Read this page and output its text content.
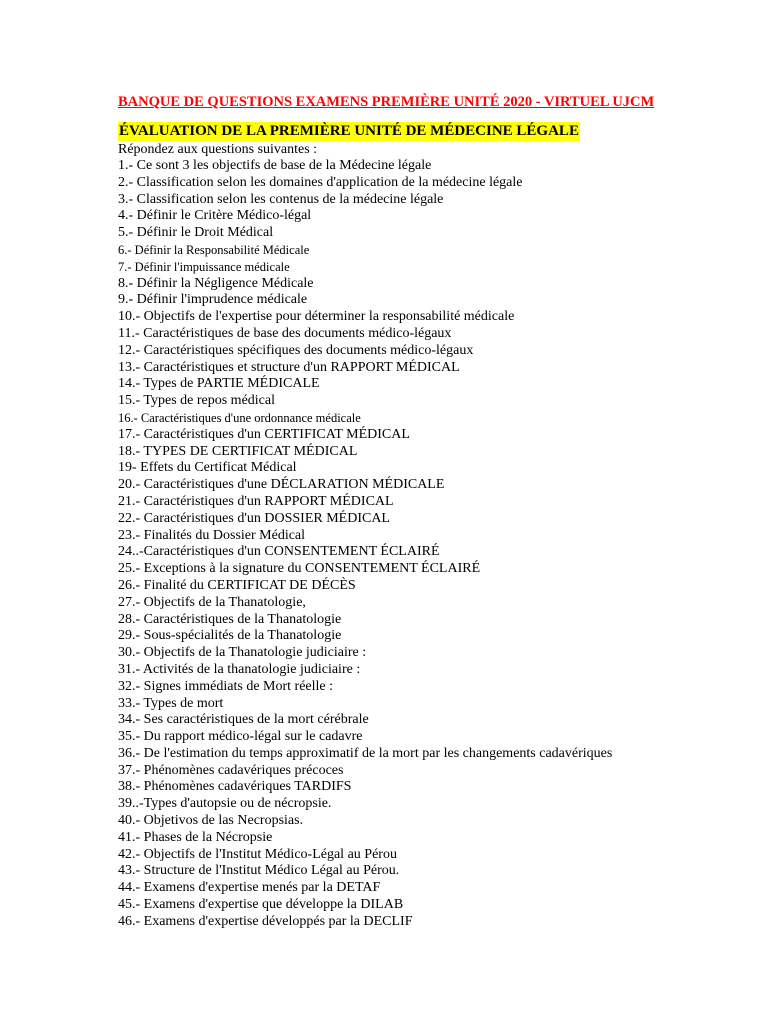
BANQUE DE QUESTIONS EXAMENS PREMIÈRE UNITÉ 2020 - VIRTUEL UJCM
ÉVALUATION DE LA PREMIÈRE UNITÉ DE MÉDECINE LÉGALE
Répondez aux questions suivantes :
1.- Ce sont 3 les objectifs de base de la Médecine légale
2.- Classification selon les domaines d'application de la médecine légale
3.- Classification selon les contenus de la médecine légale
4.- Définir le Critère Médico-légal
5.- Définir le Droit Médical
6.- Définir la Responsabilité Médicale
7.- Définir l'impuissance médicale
8.- Définir la Négligence Médicale
9.- Définir l'imprudence médicale
10.- Objectifs de l'expertise pour déterminer la responsabilité médicale
11.- Caractéristiques de base des documents médico-légaux
12.- Caractéristiques spécifiques des documents médico-légaux
13.- Caractéristiques et structure d'un RAPPORT MÉDICAL
14.- Types de PARTIE MÉDICALE
15.- Types de repos médical
16.- Caractéristiques d'une ordonnance médicale
17.- Caractéristiques d'un CERTIFICAT MÉDICAL
18.- TYPES DE CERTIFICAT MÉDICAL
19- Effets du Certificat Médical
20.- Caractéristiques d'une DÉCLARATION MÉDICALE
21.- Caractéristiques d'un RAPPORT MÉDICAL
22.- Caractéristiques d'un DOSSIER MÉDICAL
23.- Finalités du Dossier Médical
24..-Caractéristiques d'un CONSENTEMENT ÉCLAIRÉ
25.- Exceptions à la signature du CONSENTEMENT ÉCLAIRÉ
26.- Finalité du CERTIFICAT DE DÉCÈS
27.- Objectifs de la Thanatologie,
28.- Caractéristiques de la Thanatologie
29.- Sous-spécialités de la Thanatologie
30.- Objectifs de la Thanatologie judiciaire :
31.- Activités de la thanatologie judiciaire :
32.- Signes immédiats de Mort réelle :
33.- Types de mort
34.- Ses caractéristiques de la mort cérébrale
35.- Du rapport médico-légal sur le cadavre
36.- De l'estimation du temps approximatif de la mort par les changements cadavériques
37.- Phénomènes cadavériques précoces
38.- Phénomènes cadavériques TARDIFS
39..-Types d'autopsie ou de nécropsie.
40.- Objetivos de las Necropsias.
41.- Phases de la Nécropsie
42.- Objectifs de l'Institut Médico-Légal au Pérou
43.- Structure de l'Institut Médico Légal au Pérou.
44.- Examens d'expertise menés par la DETAF
45.- Examens d'expertise que développe la DILAB
46.- Examens d'expertise développés par la DECLIF
